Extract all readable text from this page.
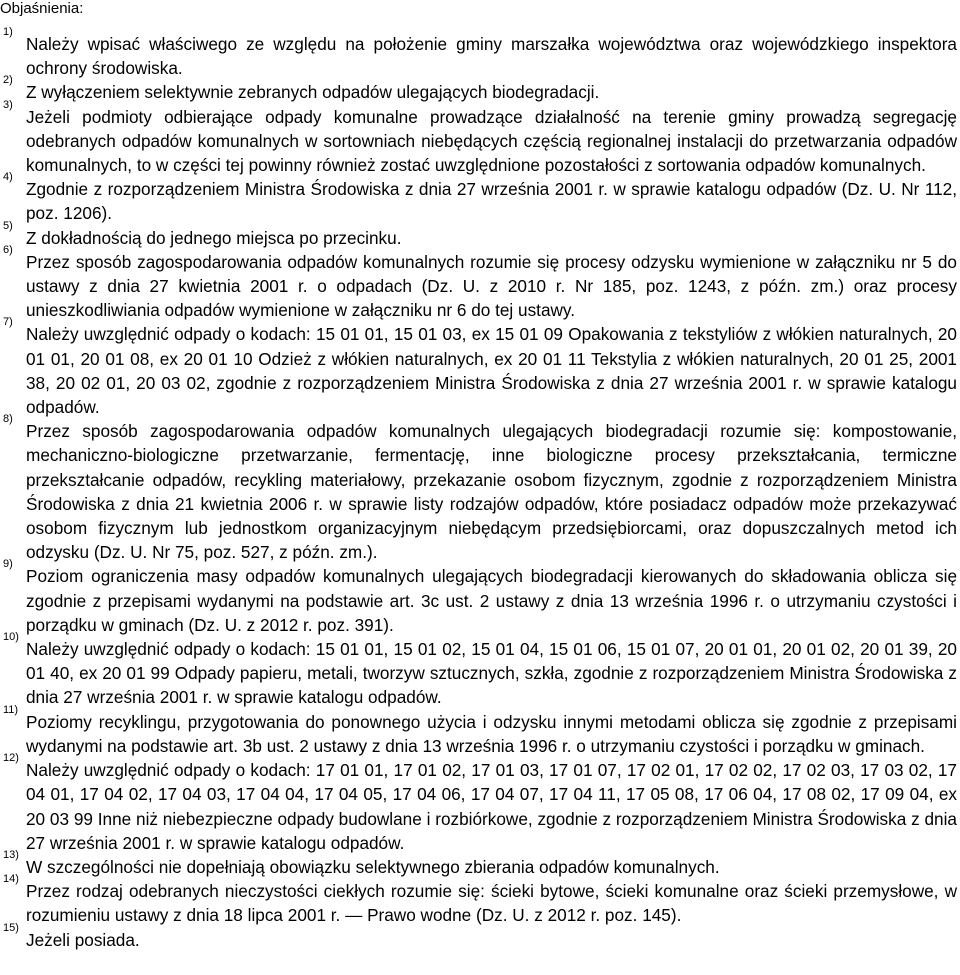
Objaśnienia:
1)
Należy wpisać właściwego ze względu na położenie gminy marszałka województwa oraz wojewódzkiego inspektora ochrony środowiska.
2)
Z wyłączeniem selektywnie zebranych odpadów ulegających biodegradacji.
3)
Jeżeli podmioty odbierające odpady komunalne prowadzące działalność na terenie gminy prowadzą segregację odebranych odpadów komunalnych w sortowniach niebędących częścią regionalnej instalacji do przetwarzania odpadów komunalnych, to w części tej powinny również zostać uwzględnione pozostałości z sortowania odpadów komunalnych.
4)
Zgodnie z rozporządzeniem Ministra Środowiska z dnia 27 września 2001 r. w sprawie katalogu odpadów (Dz. U. Nr 112, poz. 1206).
5)
Z dokładnością do jednego miejsca po przecinku.
6)
Przez sposób zagospodarowania odpadów komunalnych rozumie się procesy odzysku wymienione w załączniku nr 5 do ustawy z dnia 27 kwietnia 2001 r. o odpadach (Dz. U. z 2010 r. Nr 185, poz. 1243, z późn. zm.) oraz procesy unieszkodliwiania odpadów wymienione w załączniku nr 6 do tej ustawy.
7)
Należy uwzględnić odpady o kodach: 15 01 01, 15 01 03, ex 15 01 09 Opakowania z tekstyliów z włókien naturalnych, 20 01 01, 20 01 08, ex 20 01 10 Odzież z włókien naturalnych, ex 20 01 11 Tekstylia z włókien naturalnych, 20 01 25, 2001 38, 20 02 01, 20 03 02, zgodnie z rozporządzeniem Ministra Środowiska z dnia 27 września 2001 r. w sprawie katalogu odpadów.
8)
Przez sposób zagospodarowania odpadów komunalnych ulegających biodegradacji rozumie się: kompostowanie, mechaniczno-biologiczne przetwarzanie, fermentację, inne biologiczne procesy przekształcania, termiczne przekształcanie odpadów, recykling materiałowy, przekazanie osobom fizycznym, zgodnie z rozporządzeniem Ministra Środowiska z dnia 21 kwietnia 2006 r. w sprawie listy rodzajów odpadów, które posiadacz odpadów może przekazywać osobom fizycznym lub jednostkom organizacyjnym niebędącym przedsiębiorcami, oraz dopuszczalnych metod ich odzysku (Dz. U. Nr 75, poz. 527, z późn. zm.).
9)
Poziom ograniczenia masy odpadów komunalnych ulegających biodegradacji kierowanych do składowania oblicza się zgodnie z przepisami wydanymi na podstawie art. 3c ust. 2 ustawy z dnia 13 września 1996 r. o utrzymaniu czystości i porządku w gminach (Dz. U. z 2012 r. poz. 391).
10)
Należy uwzględnić odpady o kodach: 15 01 01, 15 01 02, 15 01 04, 15 01 06, 15 01 07, 20 01 01, 20 01 02, 20 01 39, 20 01 40, ex 20 01 99 Odpady papieru, metali, tworzyw sztucznych, szkła, zgodnie z rozporządzeniem Ministra Środowiska z dnia 27 września 2001 r. w sprawie katalogu odpadów.
11)
Poziomy recyklingu, przygotowania do ponownego użycia i odzysku innymi metodami oblicza się zgodnie z przepisami wydanymi na podstawie art. 3b ust. 2 ustawy z dnia 13 września 1996 r. o utrzymaniu czystości i porządku w gminach.
12)
Należy uwzględnić odpady o kodach: 17 01 01, 17 01 02, 17 01 03, 17 01 07, 17 02 01, 17 02 02, 17 02 03, 17 03 02, 17 04 01, 17 04 02, 17 04 03, 17 04 04, 17 04 05, 17 04 06, 17 04 07, 17 04 11, 17 05 08, 17 06 04, 17 08 02, 17 09 04, ex 20 03 99 Inne niż niebezpieczne odpady budowlane i rozbiórkowe, zgodnie z rozporządzeniem Ministra Środowiska z dnia 27 września 2001 r. w sprawie katalogu odpadów.
13)
W szczególności nie dopełniają obowiązku selektywnego zbierania odpadów komunalnych.
14)
Przez rodzaj odebranych nieczystości ciekłych rozumie się: ścieki bytowe, ścieki komunalne oraz ścieki przemysłowe, w rozumieniu ustawy z dnia 18 lipca 2001 r. — Prawo wodne (Dz. U. z 2012 r. poz. 145).
15)
Jeżeli posiada.
